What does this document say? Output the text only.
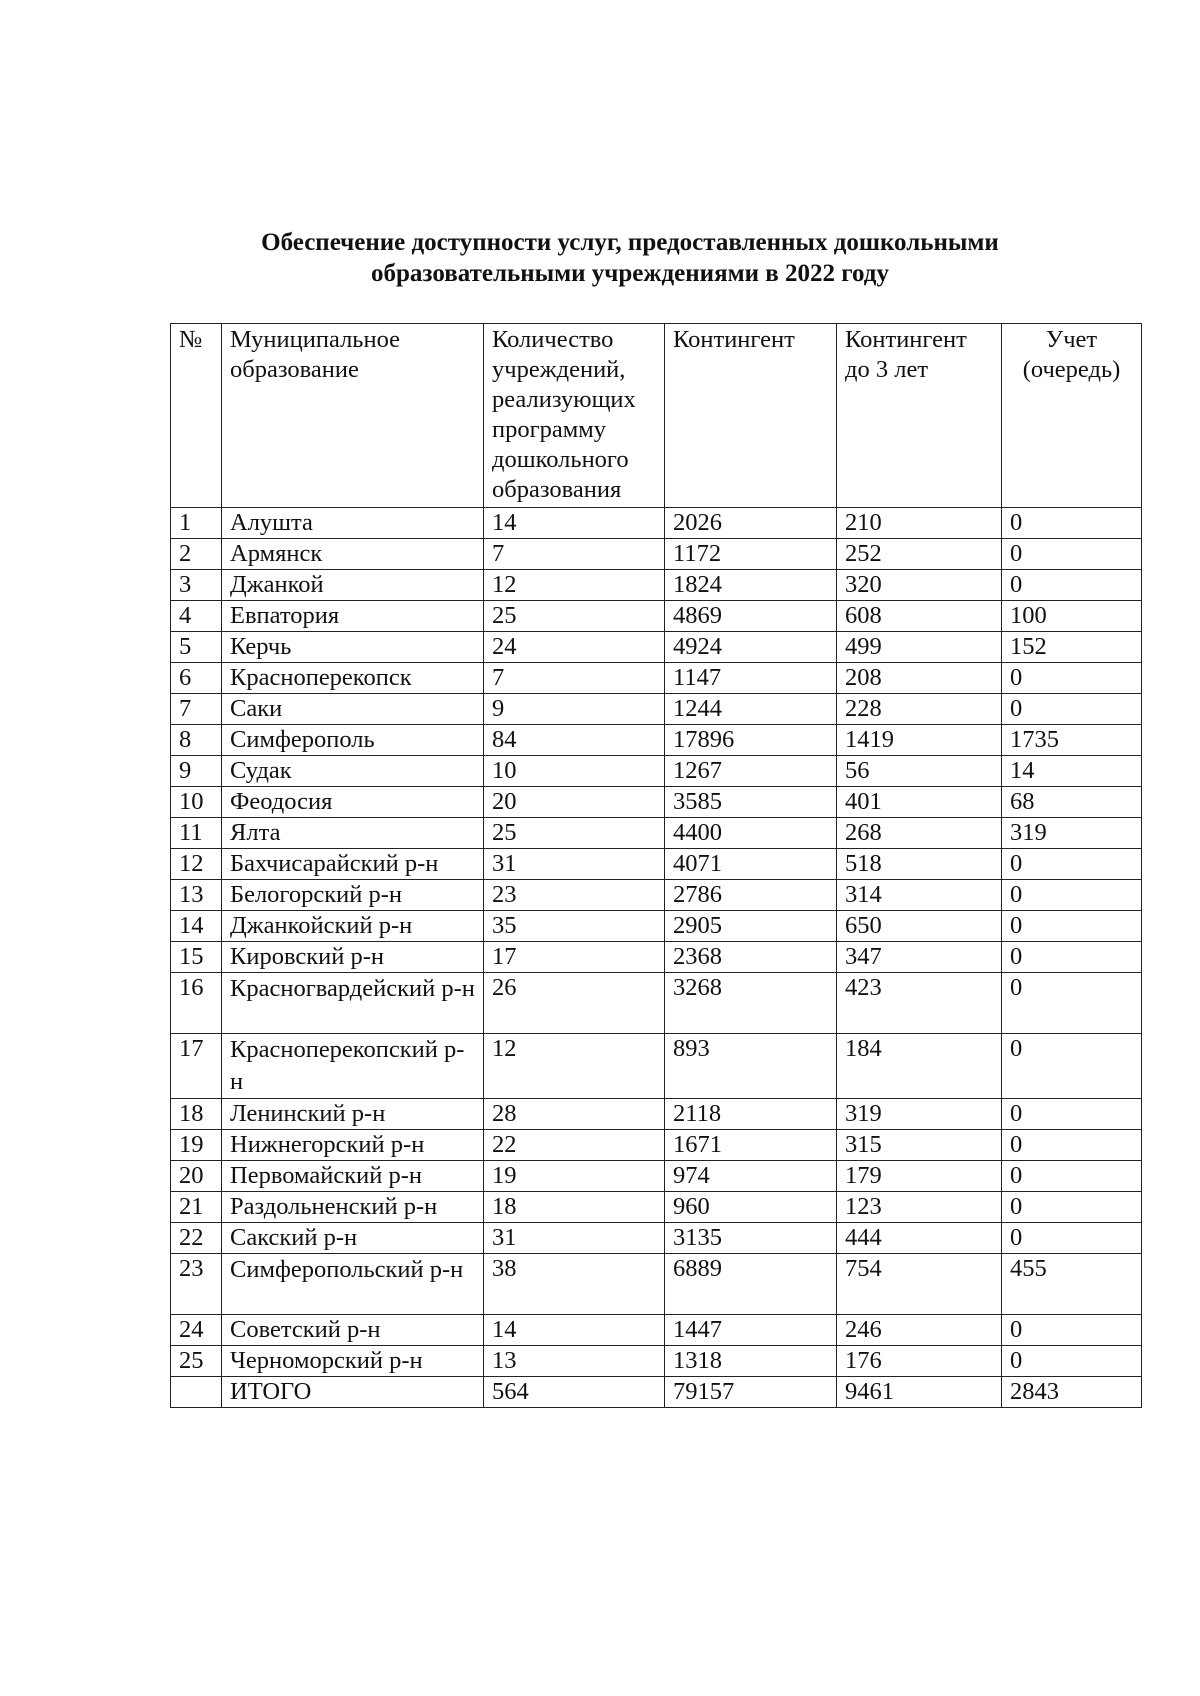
Обеспечение доступности услуг, предоставленных дошкольными
образовательными учреждениями в 2022 году
№	Муниципальное образование	Количество учреждений, реализующих программу дошкольного образования	Контингент	Контингент до 3 лет	Учет (очередь)
1	Алушта	14	2026	210	0
2	Армянск	7	1172	252	0
3	Джанкой	12	1824	320	0
4	Евпатория	25	4869	608	100
5	Керчь	24	4924	499	152
6	Красноперекопск	7	1147	208	0
7	Саки	9	1244	228	0
8	Симферополь	84	17896	1419	1735
9	Судак	10	1267	56	14
10	Феодосия	20	3585	401	68
11	Ялта	25	4400	268	319
12	Бахчисарайский р-н	31	4071	518	0
13	Белогорский р-н	23	2786	314	0
14	Джанкойский р-н	35	2905	650	0
15	Кировский р-н	17	2368	347	0
16	Красногвардейский р-н	26	3268	423	0
17	Красноперекопский р-н	12	893	184	0
18	Ленинский р-н	28	2118	319	0
19	Нижнегорский р-н	22	1671	315	0
20	Первомайский р-н	19	974	179	0
21	Раздольненский р-н	18	960	123	0
22	Сакский р-н	31	3135	444	0
23	Симферопольский р-н	38	6889	754	455
24	Советский р-н	14	1447	246	0
25	Черноморский р-н	13	1318	176	0
	ИТОГО	564	79157	9461	2843
